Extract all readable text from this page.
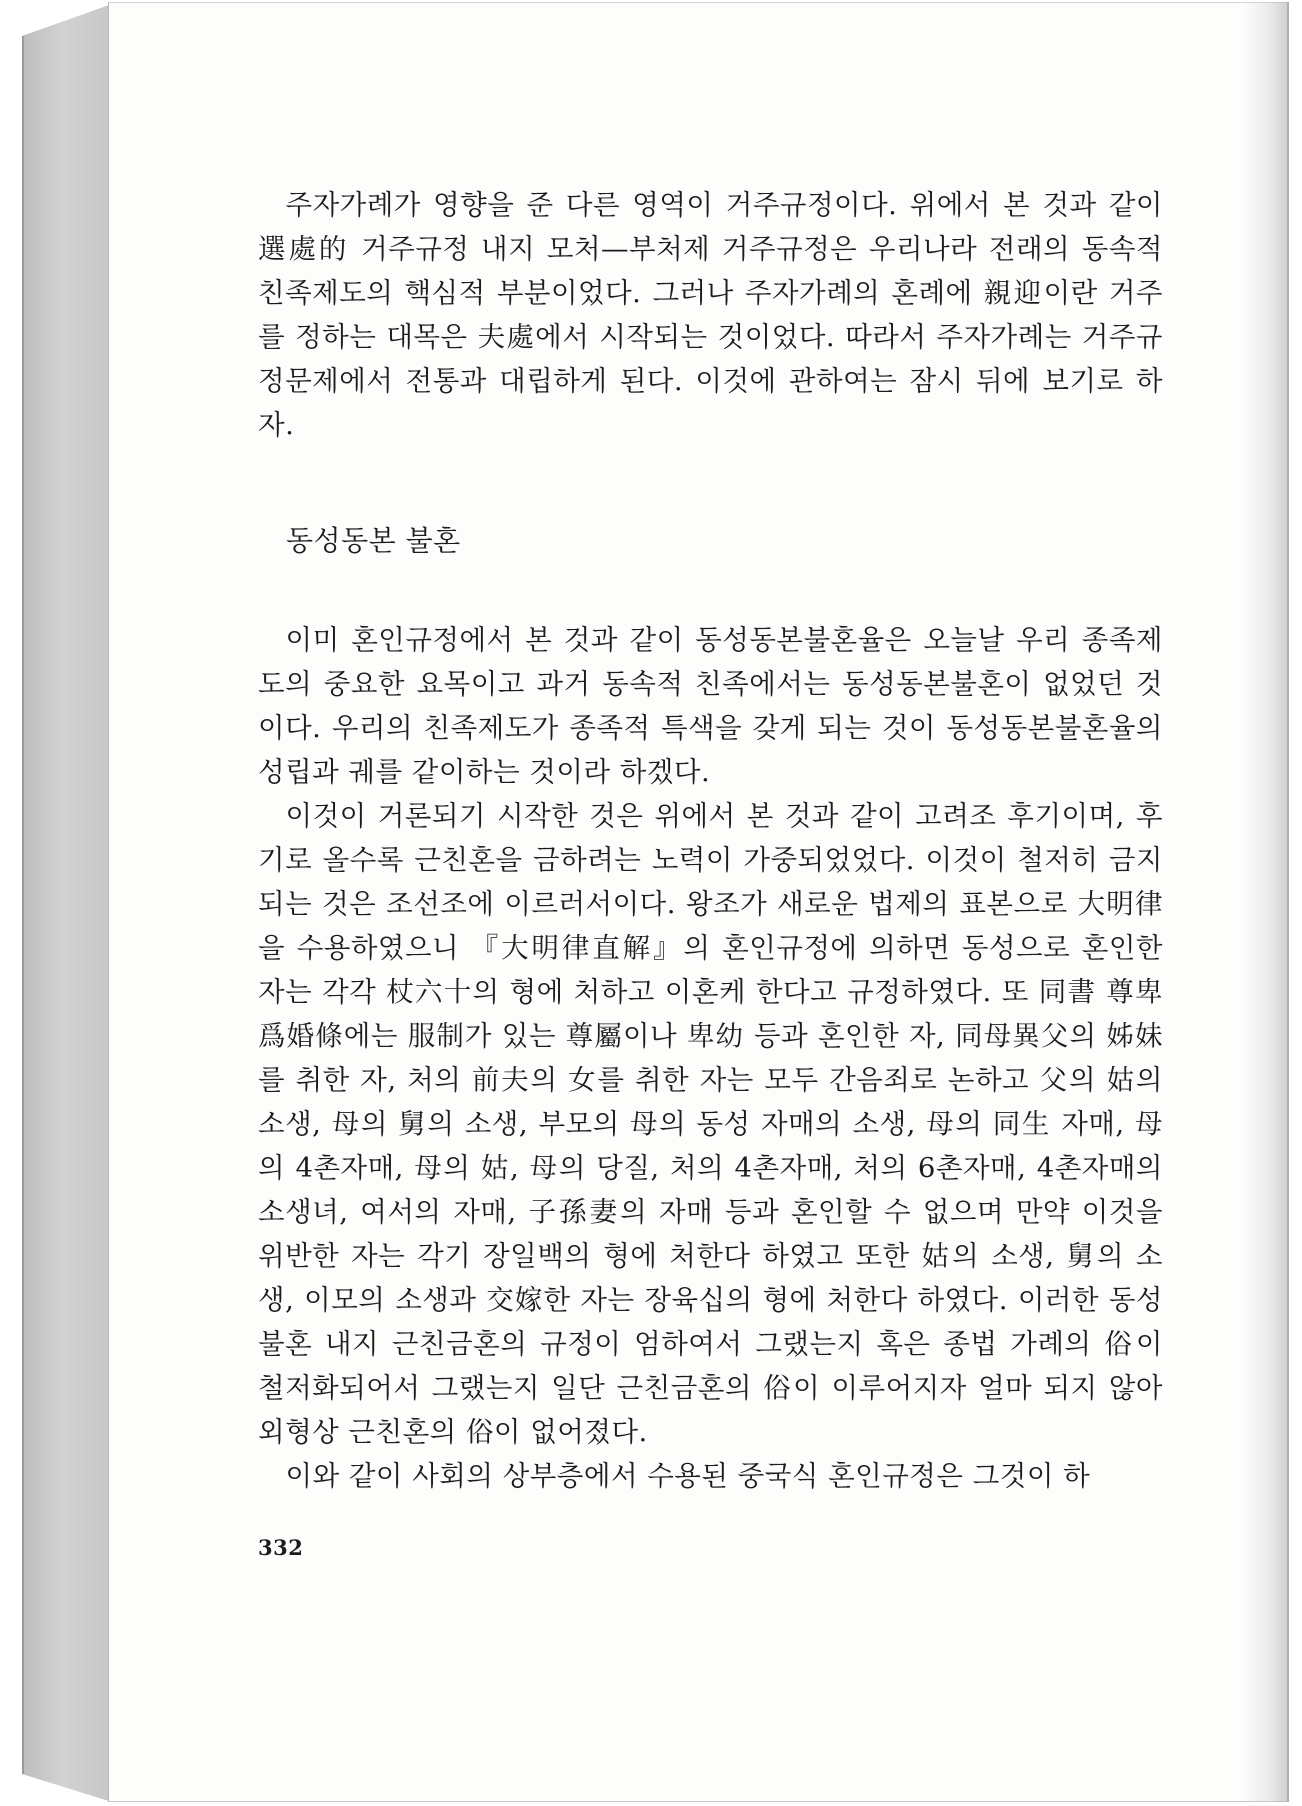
주자가례가 영향을 준 다른 영역이 거주규정이다. 위에서 본 것과 같이 選處的 거주규정 내지 모처—부처제 거주규정은 우리나라 전래의 동속적 친족제도의 핵심적 부분이었다. 그러나 주자가례의 혼례에 親迎이란 거주를 정하는 대목은 夫處에서 시작되는 것이었다. 따라서 주자가례는 거주규정문제에서 전통과 대립하게 된다. 이것에 관하여는 잠시 뒤에 보기로 하자.

동성동본 불혼

이미 혼인규정에서 본 것과 같이 동성동본불혼율은 오늘날 우리 종족제도의 중요한 요목이고 과거 동속적 친족에서는 동성동본불혼이 없었던 것이다. 우리의 친족제도가 종족적 특색을 갖게 되는 것이 동성동본불혼율의 성립과 궤를 같이하는 것이라 하겠다.

이것이 거론되기 시작한 것은 위에서 본 것과 같이 고려조 후기이며, 후기로 올수록 근친혼을 금하려는 노력이 가중되었었다. 이것이 철저히 금지되는 것은 조선조에 이르러서이다. 왕조가 새로운 법제의 표본으로 大明律을 수용하였으니 『大明律直解』의 혼인규정에 의하면 동성으로 혼인한 자는 각각 杖六十의 형에 처하고 이혼케 한다고 규정하였다. 또 同書 尊卑爲婚條에는 服制가 있는 尊屬이나 卑幼 등과 혼인한 자, 同母異父의 姊妹를 취한 자, 처의 前夫의 女를 취한 자는 모두 간음죄로 논하고 父의 姑의 소생, 母의 舅의 소생, 부모의 母의 동성 자매의 소생, 母의 同生 자매, 母의 4촌자매, 母의 姑, 母의 당질, 처의 4촌자매, 처의 6촌자매, 4촌자매의 소생녀, 여서의 자매, 子孫妻의 자매 등과 혼인할 수 없으며 만약 이것을 위반한 자는 각기 장일백의 형에 처한다 하였고 또한 姑의 소생, 舅의 소생, 이모의 소생과 交嫁한 자는 장육십의 형에 처한다 하였다. 이러한 동성불혼 내지 근친금혼의 규정이 엄하여서 그랬는지 혹은 종법 가례의 俗이 철저화되어서 그랬는지 일단 근친금혼의 俗이 이루어지자 얼마 되지 않아 외형상 근친혼의 俗이 없어졌다.

이와 같이 사회의 상부층에서 수용된 중국식 혼인규정은 그것이 하

332
